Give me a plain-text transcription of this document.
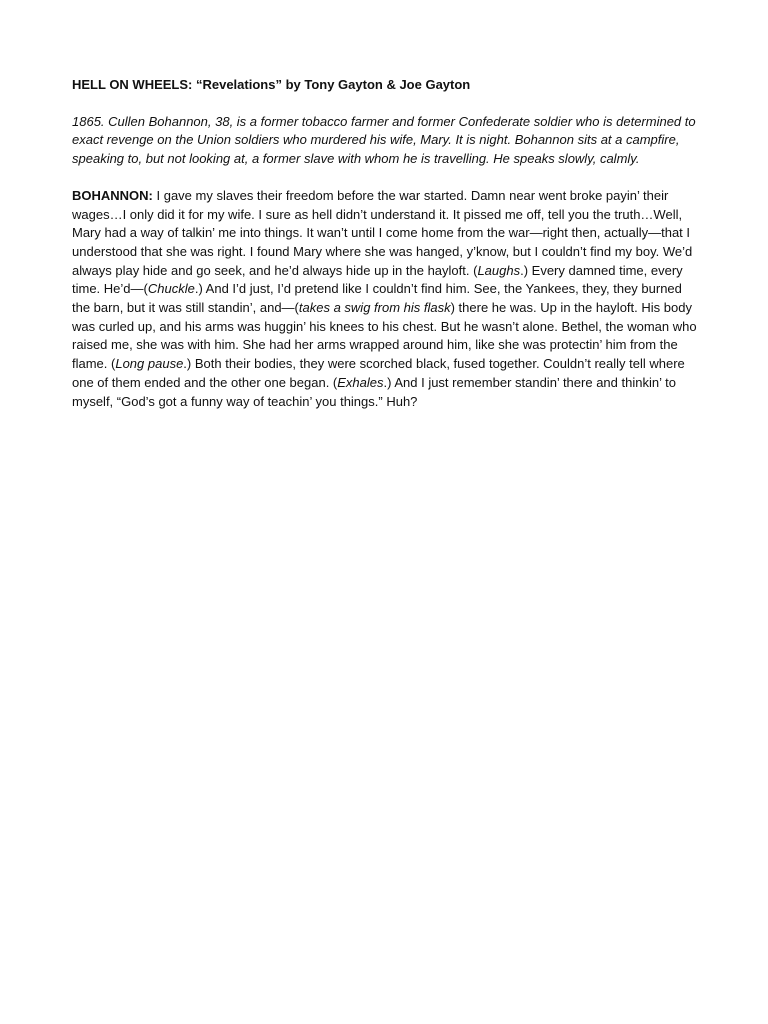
HELL ON WHEELS: “Revelations” by Tony Gayton & Joe Gayton

1865. Cullen Bohannon, 38, is a former tobacco farmer and former Confederate soldier who is determined to exact revenge on the Union soldiers who murdered his wife, Mary. It is night. Bohannon sits at a campfire, speaking to, but not looking at, a former slave with whom he is travelling. He speaks slowly, calmly.

BOHANNON: I gave my slaves their freedom before the war started. Damn near went broke payin’ their wages…I only did it for my wife. I sure as hell didn’t understand it. It pissed me off, tell you the truth…Well, Mary had a way of talkin’ me into things. It wan’t until I come home from the war—right then, actually—that I understood that she was right. I found Mary where she was hanged, y’know, but I couldn’t find my boy. We’d always play hide and go seek, and he’d always hide up in the hayloft. (Laughs.) Every damned time, every time. He’d—(Chuckle.) And I’d just, I’d pretend like I couldn’t find him. See, the Yankees, they, they burned the barn, but it was still standin’, and—(takes a swig from his flask) there he was. Up in the hayloft. His body was curled up, and his arms was huggin’ his knees to his chest. But he wasn’t alone. Bethel, the woman who raised me, she was with him. She had her arms wrapped around him, like she was protectin’ him from the flame. (Long pause.) Both their bodies, they were scorched black, fused together. Couldn’t really tell where one of them ended and the other one began. (Exhales.) And I just remember standin’ there and thinkin’ to myself, “God’s got a funny way of teachin’ you things.” Huh?
